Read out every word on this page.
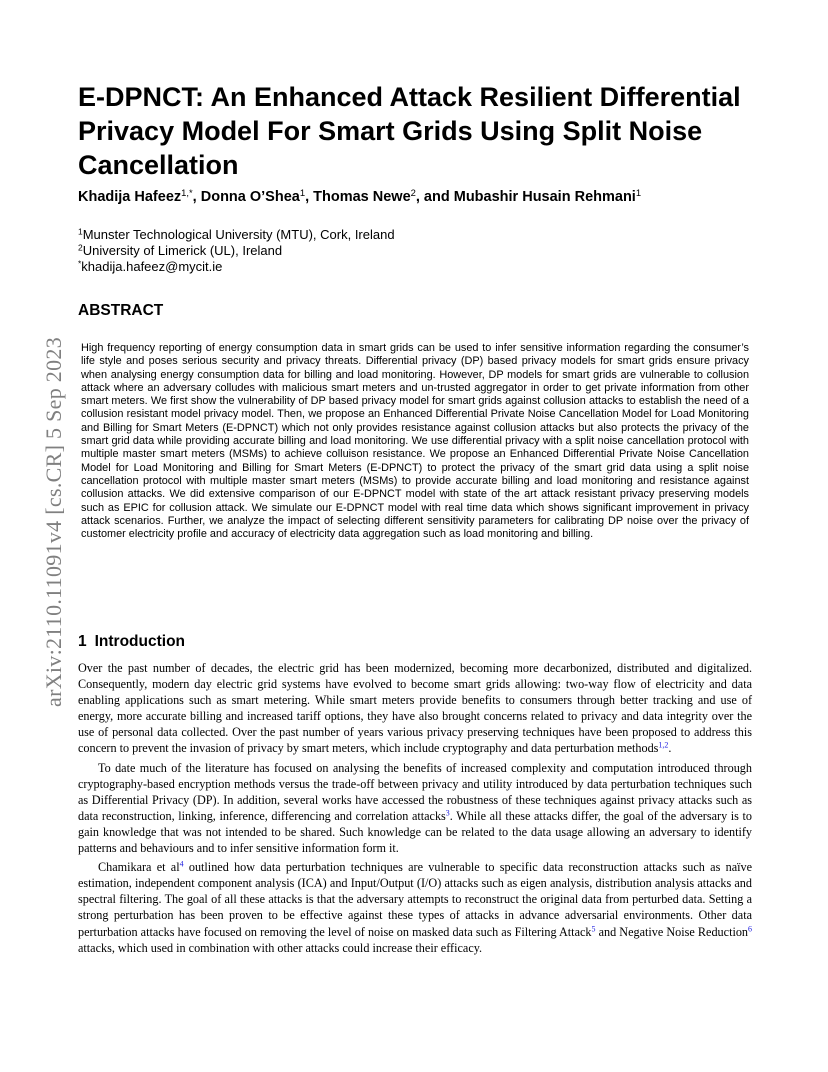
arXiv:2110.11091v4 [cs.CR] 5 Sep 2023
E-DPNCT: An Enhanced Attack Resilient Differential Privacy Model For Smart Grids Using Split Noise Cancellation
Khadija Hafeez$^{1,*}$, Donna O’Shea$^1$, Thomas Newe$^2$, and Mubashir Husain Rehmani$^1$
$^1$Munster Technological University (MTU), Cork, Ireland
$^2$University of Limerick (UL), Ireland
*khadija.hafeez@mycit.ie
ABSTRACT

High frequency reporting of energy consumption data in smart grids can be used to infer sensitive information regarding the consumer’s life style and poses serious security and privacy threats. Differential privacy (DP) based privacy models for smart grids ensure privacy when analysing energy consumption data for billing and load monitoring. However, DP models for smart grids are vulnerable to collusion attack where an adversary colludes with malicious smart meters and un-trusted aggregator in order to get private information from other smart meters. We first show the vulnerability of DP based privacy model for smart grids against collusion attacks to establish the need of a collusion resistant model privacy model. Then, we propose an Enhanced Differential Private Noise Cancellation Model for Load Monitoring and Billing for Smart Meters (E-DPNCT) which not only provides resistance against collusion attacks but also protects the privacy of the smart grid data while providing accurate billing and load monitoring. We use differential privacy with a split noise cancellation protocol with multiple master smart meters (MSMs) to achieve colluison resistance. We propose an Enhanced Differential Private Noise Cancellation Model for Load Monitoring and Billing for Smart Meters (E-DPNCT) to protect the privacy of the smart grid data using a split noise cancellation protocol with multiple master smart meters (MSMs) to provide accurate billing and load monitoring and resistance against collusion attacks. We did extensive comparison of our E-DPNCT model with state of the art attack resistant privacy preserving models such as EPIC for collusion attack. We simulate our E-DPNCT model with real time data which shows significant improvement in privacy attack scenarios. Further, we analyze the impact of selecting different sensitivity parameters for calibrating DP noise over the privacy of customer electricity profile and accuracy of electricity data aggregation such as load monitoring and billing.

1 Introduction

Over the past number of decades, the electric grid has been modernized, becoming more decarbonized, distributed and digitalized. Consequently, modern day electric grid systems have evolved to become smart grids allowing: two-way flow of electricity and data enabling applications such as smart metering. While smart meters provide benefits to consumers through better tracking and use of energy, more accurate billing and increased tariff options, they have also brought concerns related to privacy and data integrity over the use of personal data collected. Over the past number of years various privacy preserving techniques have been proposed to address this concern to prevent the invasion of privacy by smart meters, which include cryptography and data perturbation methods$^{1,2}$.

To date much of the literature has focused on analysing the benefits of increased complexity and computation introduced through cryptography-based encryption methods versus the trade-off between privacy and utility introduced by data perturbation techniques such as Differential Privacy (DP). In addition, several works have accessed the robustness of these techniques against privacy attacks such as data reconstruction, linking, inference, differencing and correlation attacks$^3$. While all these attacks differ, the goal of the adversary is to gain knowledge that was not intended to be shared. Such knowledge can be related to the data usage allowing an adversary to identify patterns and behaviours and to infer sensitive information form it.

Chamikara et $al^4$ outlined how data perturbation techniques are vulnerable to specific data reconstruction attacks such as naïve estimation, independent component analysis (ICA) and Input/Output (I/O) attacks such as eigen analysis, distribution analysis attacks and spectral filtering. The goal of all these attacks is that the adversary attempts to reconstruct the original data from perturbed data. Setting a strong perturbation has been proven to be effective against these types of attacks in advance adversarial environments. Other data perturbation attacks have focused on removing the level of noise on masked data such as Filtering Attack$^5$ and Negative Noise Reduction$^6$ attacks, which used in combination with other attacks could increase their efficacy.
